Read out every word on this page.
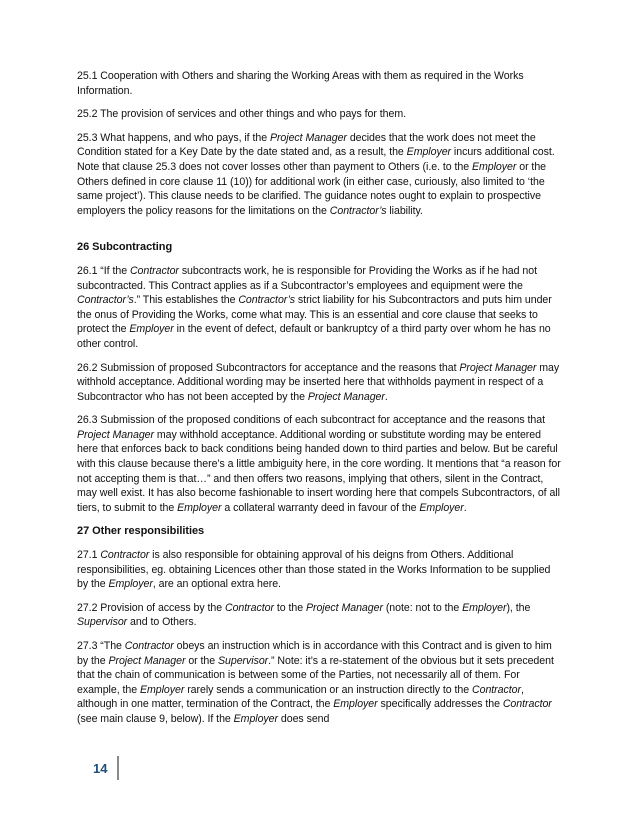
25.1 Cooperation with Others and sharing the Working Areas with them as required in the Works Information.

25.2 The provision of services and other things and who pays for them.

25.3 What happens, and who pays, if the Project Manager decides that the work does not meet the Condition stated for a Key Date by the date stated and, as a result, the Employer incurs additional cost. Note that clause 25.3 does not cover losses other than payment to Others (i.e. to the Employer or the Others defined in core clause 11 (10)) for additional work (in either case, curiously, also limited to ‘the same project’). This clause needs to be clarified. The guidance notes ought to explain to prospective employers the policy reasons for the limitations on the Contractor’s liability.

26 Subcontracting

26.1 “If the Contractor subcontracts work, he is responsible for Providing the Works as if he had not subcontracted. This Contract applies as if a Subcontractor’s employees and equipment were the Contractor’s.” This establishes the Contractor’s strict liability for his Subcontractors and puts him under the onus of Providing the Works, come what may. This is an essential and core clause that seeks to protect the Employer in the event of defect, default or bankruptcy of a third party over whom he has no other control.

26.2 Submission of proposed Subcontractors for acceptance and the reasons that Project Manager may withhold acceptance. Additional wording may be inserted here that withholds payment in respect of a Subcontractor who has not been accepted by the Project Manager.

26.3 Submission of the proposed conditions of each subcontract for acceptance and the reasons that Project Manager may withhold acceptance. Additional wording or substitute wording may be entered here that enforces back to back conditions being handed down to third parties and below. But be careful with this clause because there’s a little ambiguity here, in the core wording. It mentions that “a reason for not accepting them is that…” and then offers two reasons, implying that others, silent in the Contract, may well exist. It has also become fashionable to insert wording here that compels Subcontractors, of all tiers, to submit to the Employer a collateral warranty deed in favour of the Employer.

27 Other responsibilities

27.1 Contractor is also responsible for obtaining approval of his deigns from Others. Additional responsibilities, eg. obtaining Licences other than those stated in the Works Information to be supplied by the Employer, are an optional extra here.

27.2 Provision of access by the Contractor to the Project Manager (note: not to the Employer), the Supervisor and to Others.

27.3 “The Contractor obeys an instruction which is in accordance with this Contract and is given to him by the Project Manager or the Supervisor.” Note: it’s a re-statement of the obvious but it sets precedent that the chain of communication is between some of the Parties, not necessarily all of them. For example, the Employer rarely sends a communication or an instruction directly to the Contractor, although in one matter, termination of the Contract, the Employer specifically addresses the Contractor (see main clause 9, below). If the Employer does send

14
